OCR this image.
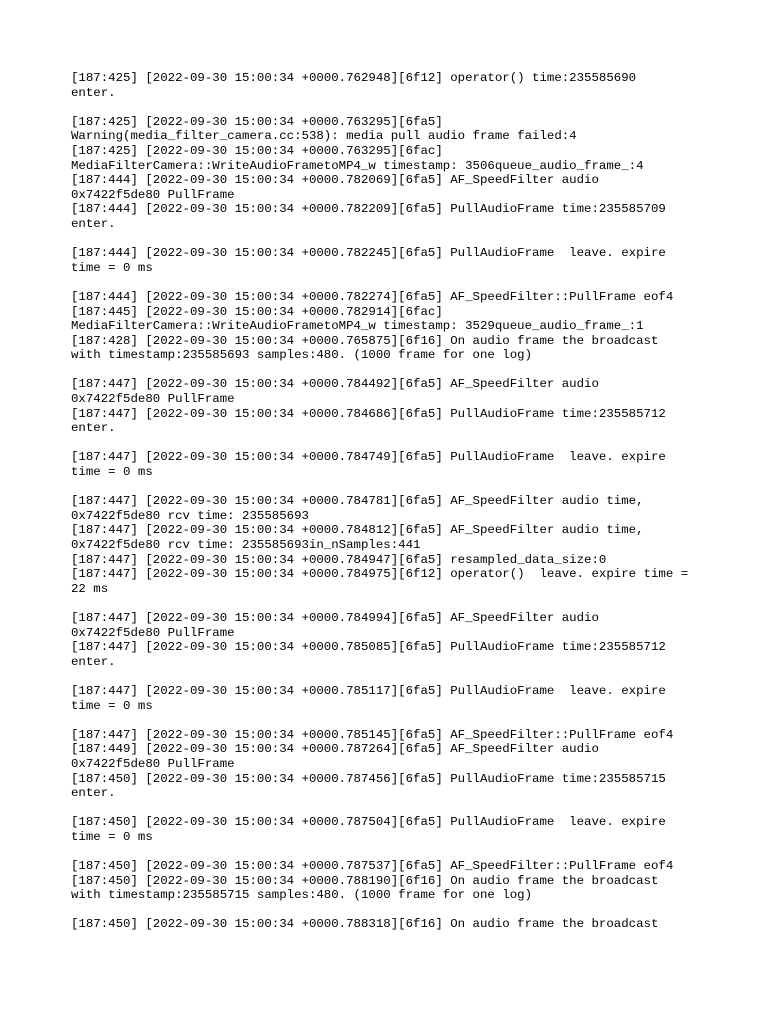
[187:425] [2022-09-30 15:00:34 +0000.762948][6f12] operator() time:235585690
enter.
[187:425] [2022-09-30 15:00:34 +0000.763295][6fa5]
Warning(media_filter_camera.cc:538): media pull audio frame failed:4
[187:425] [2022-09-30 15:00:34 +0000.763295][6fac]
MediaFilterCamera::WriteAudioFrametoMP4_w timestamp: 3506queue_audio_frame_:4
[187:444] [2022-09-30 15:00:34 +0000.782069][6fa5] AF_SpeedFilter audio
0x7422f5de80 PullFrame
[187:444] [2022-09-30 15:00:34 +0000.782209][6fa5] PullAudioFrame time:235585709
enter.
[187:444] [2022-09-30 15:00:34 +0000.782245][6fa5] PullAudioFrame  leave. expire
time = 0 ms
[187:444] [2022-09-30 15:00:34 +0000.782274][6fa5] AF_SpeedFilter::PullFrame eof4
[187:445] [2022-09-30 15:00:34 +0000.782914][6fac]
MediaFilterCamera::WriteAudioFrametoMP4_w timestamp: 3529queue_audio_frame_:1
[187:428] [2022-09-30 15:00:34 +0000.765875][6f16] On audio frame the broadcast
with timestamp:235585693 samples:480. (1000 frame for one log)
[187:447] [2022-09-30 15:00:34 +0000.784492][6fa5] AF_SpeedFilter audio
0x7422f5de80 PullFrame
[187:447] [2022-09-30 15:00:34 +0000.784686][6fa5] PullAudioFrame time:235585712
enter.
[187:447] [2022-09-30 15:00:34 +0000.784749][6fa5] PullAudioFrame  leave. expire
time = 0 ms
[187:447] [2022-09-30 15:00:34 +0000.784781][6fa5] AF_SpeedFilter audio time,
0x7422f5de80 rcv time: 235585693
[187:447] [2022-09-30 15:00:34 +0000.784812][6fa5] AF_SpeedFilter audio time,
0x7422f5de80 rcv time: 235585693in_nSamples:441
[187:447] [2022-09-30 15:00:34 +0000.784947][6fa5] resampled_data_size:0
[187:447] [2022-09-30 15:00:34 +0000.784975][6f12] operator()  leave. expire time =
22 ms
[187:447] [2022-09-30 15:00:34 +0000.784994][6fa5] AF_SpeedFilter audio
0x7422f5de80 PullFrame
[187:447] [2022-09-30 15:00:34 +0000.785085][6fa5] PullAudioFrame time:235585712
enter.
[187:447] [2022-09-30 15:00:34 +0000.785117][6fa5] PullAudioFrame  leave. expire
time = 0 ms
[187:447] [2022-09-30 15:00:34 +0000.785145][6fa5] AF_SpeedFilter::PullFrame eof4
[187:449] [2022-09-30 15:00:34 +0000.787264][6fa5] AF_SpeedFilter audio
0x7422f5de80 PullFrame
[187:450] [2022-09-30 15:00:34 +0000.787456][6fa5] PullAudioFrame time:235585715
enter.
[187:450] [2022-09-30 15:00:34 +0000.787504][6fa5] PullAudioFrame  leave. expire
time = 0 ms
[187:450] [2022-09-30 15:00:34 +0000.787537][6fa5] AF_SpeedFilter::PullFrame eof4
[187:450] [2022-09-30 15:00:34 +0000.788190][6f16] On audio frame the broadcast
with timestamp:235585715 samples:480. (1000 frame for one log)
[187:450] [2022-09-30 15:00:34 +0000.788318][6f16] On audio frame the broadcast
